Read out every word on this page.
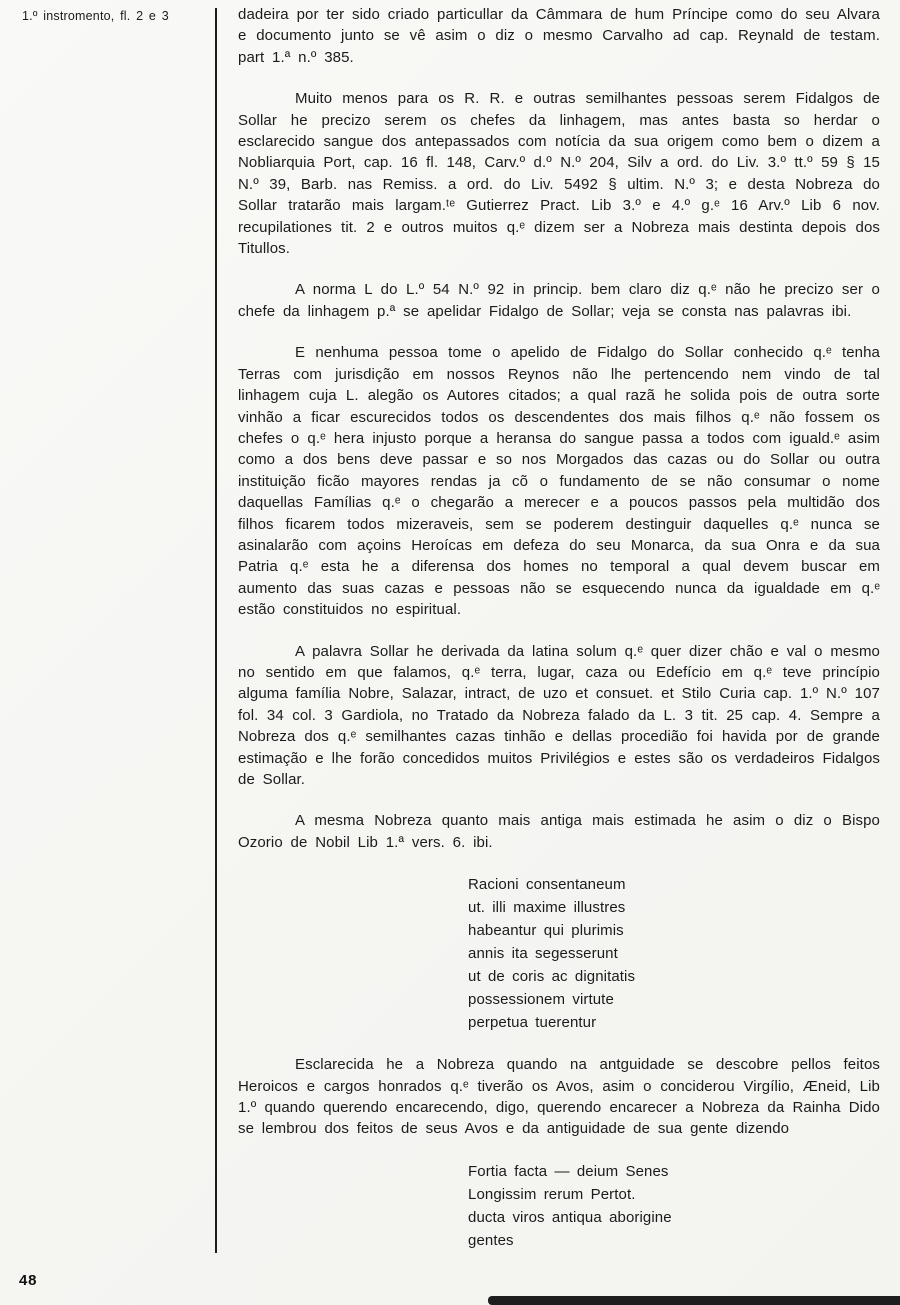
1.º instromento, fl. 2 e 3	dadeira por ter sido criado particullar da Câmmara de hum Príncipe como do seu Alvara e documento junto se vê asim o diz o mesmo Carvalho ad cap. Reynald de testam. part 1.ª n.º 385.

Muito menos para os R. R. e outras semilhantes pessoas serem Fidalgos de Sollar he precizo serem os chefes da linhagem, mas antes basta so herdar o esclarecido sangue dos antepassados com notícia da sua origem como bem o dizem a Nobliarquia Port, cap. 16 fl. 148, Carv.º d.º N.º 204, Silv a ord. do Liv. 3.º tt.º 59 § 15 N.º 39, Barb. nas Remiss. a ord. do Liv. 5492 § ultim. N.º 3; e desta Nobreza do Sollar tratarão mais largam.ᵗᵉ Gutierrez Pract. Lib 3.º e 4.º g.ᵉ 16 Arv.º Lib 6 nov. recupilationes tit. 2 e outros muitos q.ᵉ dizem ser a Nobreza mais destinta depois dos Titullos.

A norma L do L.º 54 N.º 92 in princip. bem claro diz q.ᵉ não he precizo ser o chefe da linhagem p.ª se apelidar Fidalgo de Sollar; veja se consta nas palavras ibi.

E nenhuma pessoa tome o apelido de Fidalgo do Sollar conhecido q.ᵉ tenha Terras com jurisdição em nossos Reynos não lhe pertencendo nem vindo de tal linhagem cuja L. alegão os Autores citados; a qual razã he solida pois de outra sorte vinhão a ficar escurecidos todos os descendentes dos mais filhos q.ᵉ não fossem os chefes o q.ᵉ hera injusto porque a heransa do sangue passa a todos com iguald.ᵉ asim como a dos bens deve passar e so nos Morgados das cazas ou do Sollar ou outra instituição ficão mayores rendas ja cõ o fundamento de se não consumar o nome daquellas Famílias q.ᵉ o chegarão a merecer e a poucos passos pela multidão dos filhos ficarem todos mizeraveis, sem se poderem destinguir daquelles q.ᵉ nunca se asinalarão com açoins Heroícas em defeza do seu Monarca, da sua Onra e da sua Patria q.ᵉ esta he a diferensa dos homes no temporal a qual devem buscar em aumento das suas cazas e pessoas não se esquecendo nunca da igualdade em q.ᵉ estão constituidos no espiritual.

A palavra Sollar he derivada da latina solum q.ᵉ quer dizer chão e val o mesmo no sentido em que falamos, q.ᵉ terra, lugar, caza ou Edefício em q.ᵉ teve princípio alguma família Nobre, Salazar, intract, de uzo et consuet. et Stilo Curia cap. 1.º N.º 107 fol. 34 col. 3 Gardiola, no Tratado da Nobreza falado da L. 3 tit. 25 cap. 4. Sempre a Nobreza dos q.ᵉ semilhantes cazas tinhão e dellas procedião foi havida por de grande estimação e lhe forão concedidos muitos Privilégios e estes são os verdadeiros Fidalgos de Sollar.

A mesma Nobreza quanto mais antiga mais estimada he asim o diz o Bispo Ozorio de Nobil Lib 1.ª vers. 6. ibi.

Racioni consentaneum
ut. illi maxime illustres
habeantur qui plurimis
annis ita segesserunt
ut de coris ac dignitatis
possessionem virtute
perpetua tuerentur

Esclarecida he a Nobreza quando na antguidade se descobre pellos feitos Heroicos e cargos honrados q.ᵉ tiverão os Avos, asim o conciderou Virgílio, Æneid, Lib 1.º quando querendo encarecendo, digo, querendo encarecer a Nobreza da Rainha Dido se lembrou dos feitos de seus Avos e da antiguidade de sua gente dizendo

Fortia facta — deium Senes
Longissim rerum Pertot.
ducta viros antiqua aborigine
gentes
48
